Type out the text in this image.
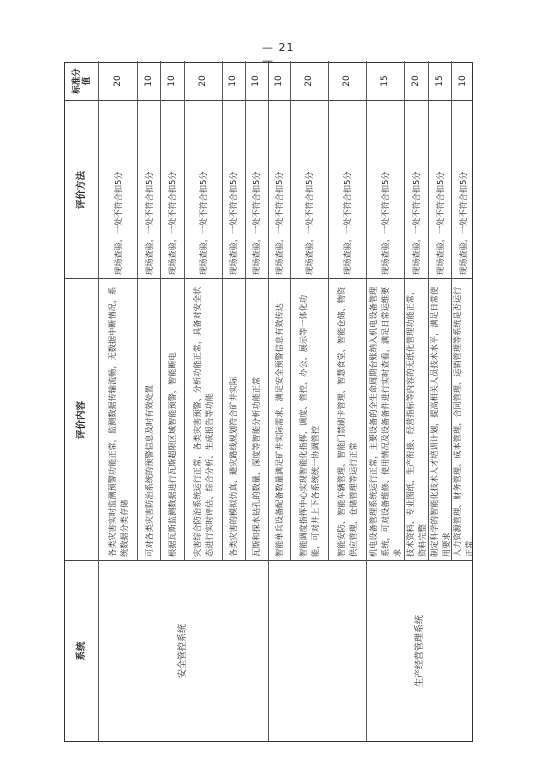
系统
评价内容
评价方法
标准分值
各类灾害实时监测预警功能正常，监测数据传输流畅，无数据中断情况，系统数据分类存储
现场查验，一处不符合扣5分
20
可对各类灾害防治系统的预警信息及时有效处置
现场查验，一处不符合扣5分
10
根据瓦斯监测数据进行瓦斯超限区域智能预警，智能断电
现场查验，一处不符合扣5分
10
灾害综合防治系统运行正常，各类灾害预警、分析功能正常，具备对安全状态进行实时评估、综合分析、生成报告等功能
现场查验，一处不符合扣5分
20
各类灾害的模拟仿真、避灾路线规划符合矿井实际
现场查验，一处不符合扣5分
10
瓦斯和探水钻孔的数量、深度等智能分析功能正常
现场查验，一处不符合扣5分
10
安全管控系统
智能单兵设备配备数量满足矿井实际需求，满足安全预警信息有效传达
现场查验，一处不符合扣5分
10
智能调度指挥中心实现智能化指挥，调度、管控、办公、展示等一体化功能，可对井上下各系统统一协调管控
现场查验，一处不符合扣5分
20
智能安防、智能车辆管理、智能门禁刷卡管理、智慧食堂、智能仓储、物资供应管理、仓储管理等运行正常
现场查验，一处不符合扣5分
20
机电设备管理系统运行正常，主要设备的全生命周期台账纳入机电设备管理系统，可对设备维修、使用情况及设备备件进行实时查看，满足日常运维要求
现场查验，一处不符合扣5分
15
技术资料、专业图纸、生产衔接、经营指标等内容的无纸化管理功能正常，资料完整
现场查验，一处不符合扣5分
20
制定科学的智能化技术人才培训计划，提高相关人员技术水平，满足日常使用要求
现场查验，一处不符合扣5分
15
人力资源管理、财务管理、成本管理、合同管理、运销管理等系统是否运行正常
现场查验，一处不符合扣5分
10
生产经营管理系统
— 21 —
